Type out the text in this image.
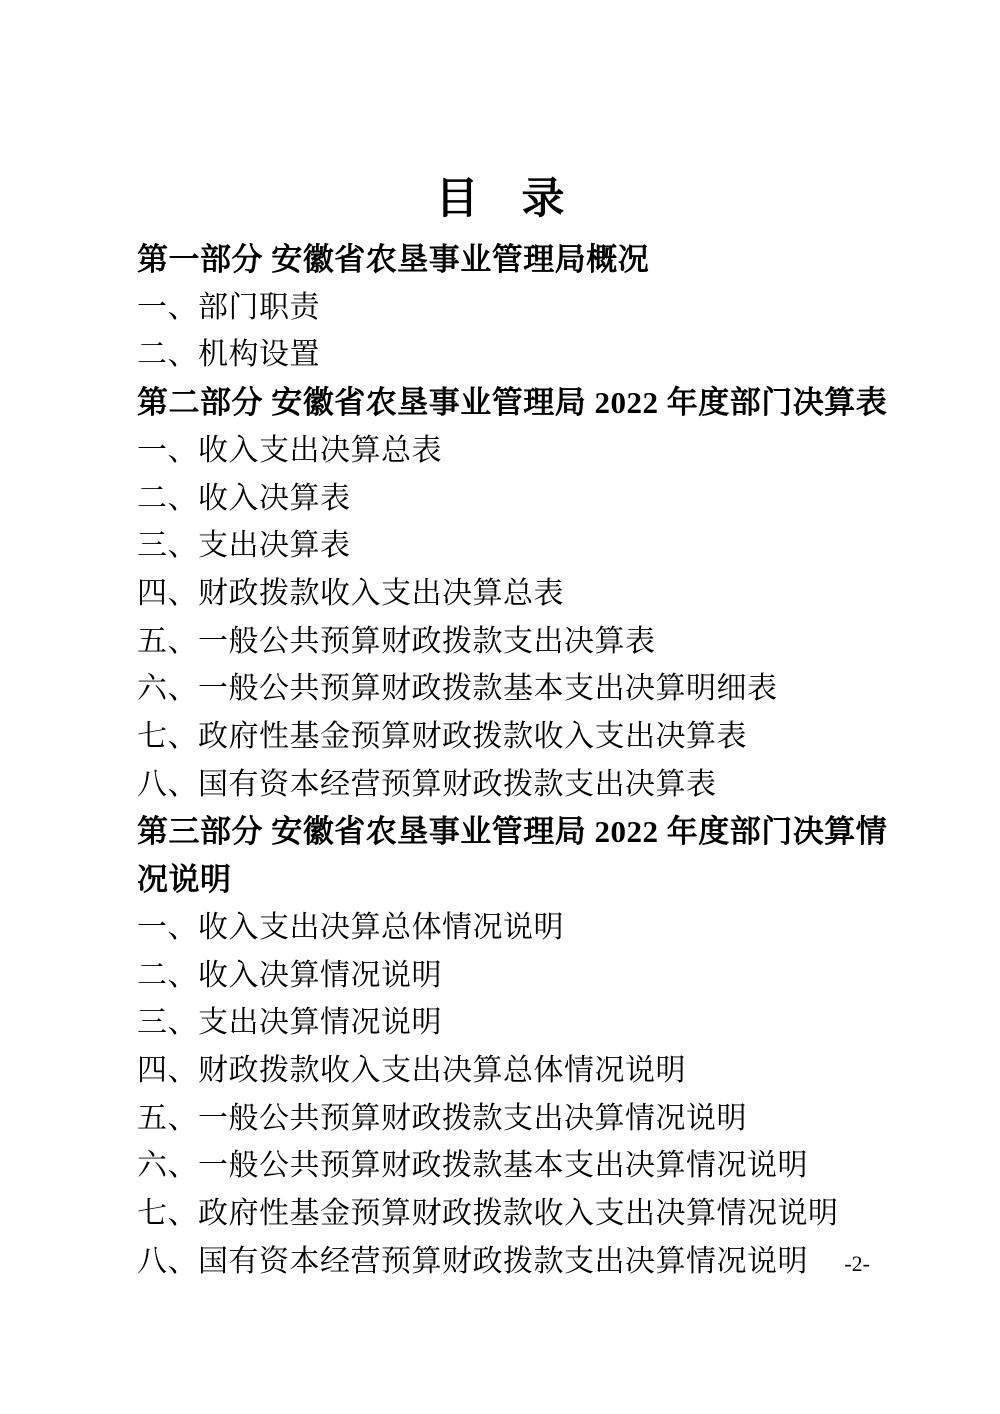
目　录
第一部分 安徽省农垦事业管理局概况
一、部门职责
二、机构设置
第二部分 安徽省农垦事业管理局 2022 年度部门决算表
一、收入支出决算总表
二、收入决算表
三、支出决算表
四、财政拨款收入支出决算总表
五、一般公共预算财政拨款支出决算表
六、一般公共预算财政拨款基本支出决算明细表
七、政府性基金预算财政拨款收入支出决算表
八、国有资本经营预算财政拨款支出决算表
第三部分 安徽省农垦事业管理局 2022 年度部门决算情况说明
一、收入支出决算总体情况说明
二、收入决算情况说明
三、支出决算情况说明
四、财政拨款收入支出决算总体情况说明
五、一般公共预算财政拨款支出决算情况说明
六、一般公共预算财政拨款基本支出决算情况说明
七、政府性基金预算财政拨款收入支出决算情况说明
八、国有资本经营预算财政拨款支出决算情况说明	-2-
